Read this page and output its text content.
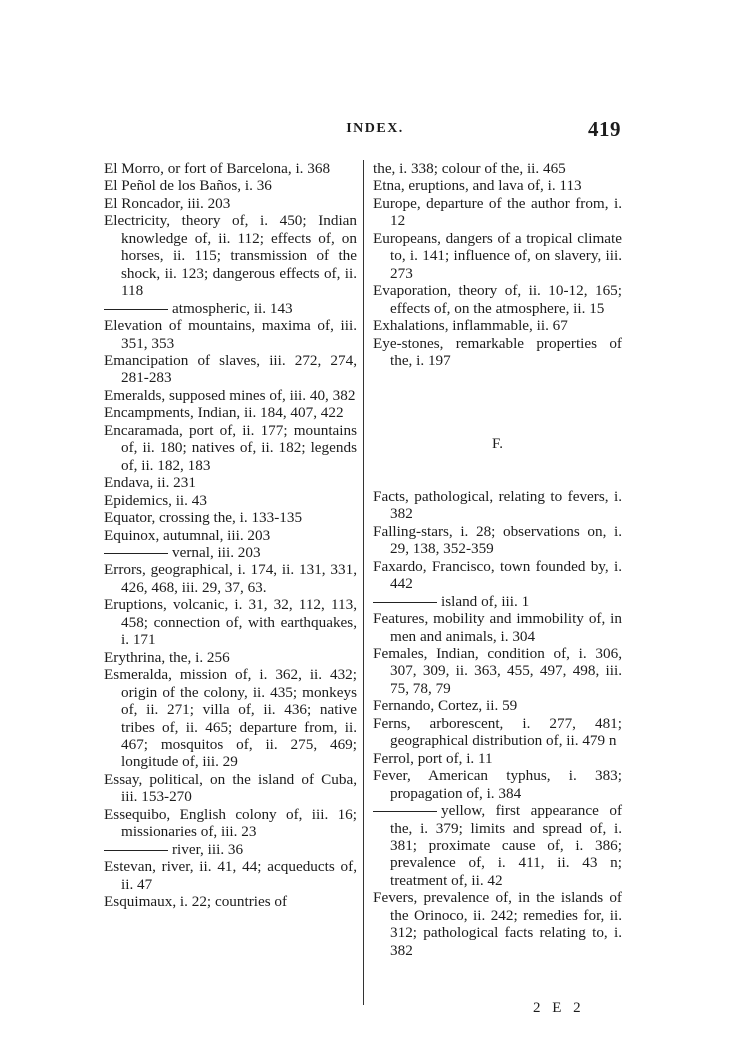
INDEX.	419

El Morro, or fort of Barcelona, i. 368

El Peñol de los Baños, i. 36

El Roncador, iii. 203

Electricity, theory of, i. 450; Indian knowledge of, ii. 112; effects of, on horses, ii. 115; transmission of the shock, ii. 123; dangerous effects of, ii. 118

atmospheric, ii. 143

Elevation of mountains, maxima of, iii. 351, 353

Emancipation of slaves, iii. 272, 274, 281-283

Emeralds, supposed mines of, iii. 40, 382

Encampments, Indian, ii. 184, 407, 422

Encaramada, port of, ii. 177; mountains of, ii. 180; natives of, ii. 182; legends of, ii. 182, 183

Endava, ii. 231

Epidemics, ii. 43

Equator, crossing the, i. 133-135

Equinox, autumnal, iii. 203

vernal, iii. 203

Errors, geographical, i. 174, ii. 131, 331, 426, 468, iii. 29, 37, 63.

Eruptions, volcanic, i. 31, 32, 112, 113, 458; connection of, with earthquakes, i. 171

Erythrina, the, i. 256

Esmeralda, mission of, i. 362, ii. 432; origin of the colony, ii. 435; monkeys of, ii. 271; villa of, ii. 436; native tribes of, ii. 465; departure from, ii. 467; mosquitos of, ii. 275, 469; longitude of, iii. 29

Essay, political, on the island of Cuba, iii. 153-270

Essequibo, English colony of, iii. 16; missionaries of, iii. 23

river, iii. 36

Estevan, river, ii. 41, 44; acqueducts of, ii. 47

Esquimaux, i. 22; countries of

the, i. 338; colour of the, ii. 465

Etna, eruptions, and lava of, i. 113

Europe, departure of the author from, i. 12

Europeans, dangers of a tropical climate to, i. 141; influence of, on slavery, iii. 273

Evaporation, theory of, ii. 10-12, 165; effects of, on the atmosphere, ii. 15

Exhalations, inflammable, ii. 67

Eye-stones, remarkable properties of the, i. 197

F.

Facts, pathological, relating to fevers, i. 382

Falling-stars, i. 28; observations on, i. 29, 138, 352-359

Faxardo, Francisco, town founded by, i. 442

island of, iii. 1

Features, mobility and immobility of, in men and animals, i. 304

Females, Indian, condition of, i. 306, 307, 309, ii. 363, 455, 497, 498, iii. 75, 78, 79

Fernando, Cortez, ii. 59

Ferns, arborescent, i. 277, 481; geographical distribution of, ii. 479 n

Ferrol, port of, i. 11

Fever, American typhus, i. 383; propagation of, i. 384

yellow, first appearance of the, i. 379; limits and spread of, i. 381; proximate cause of, i. 386; prevalence of, i. 411, ii. 43 n; treatment of, ii. 42

Fevers, prevalence of, in the islands of the Orinoco, ii. 242; remedies for, ii. 312; pathological facts relating to, i. 382

2 E 2
